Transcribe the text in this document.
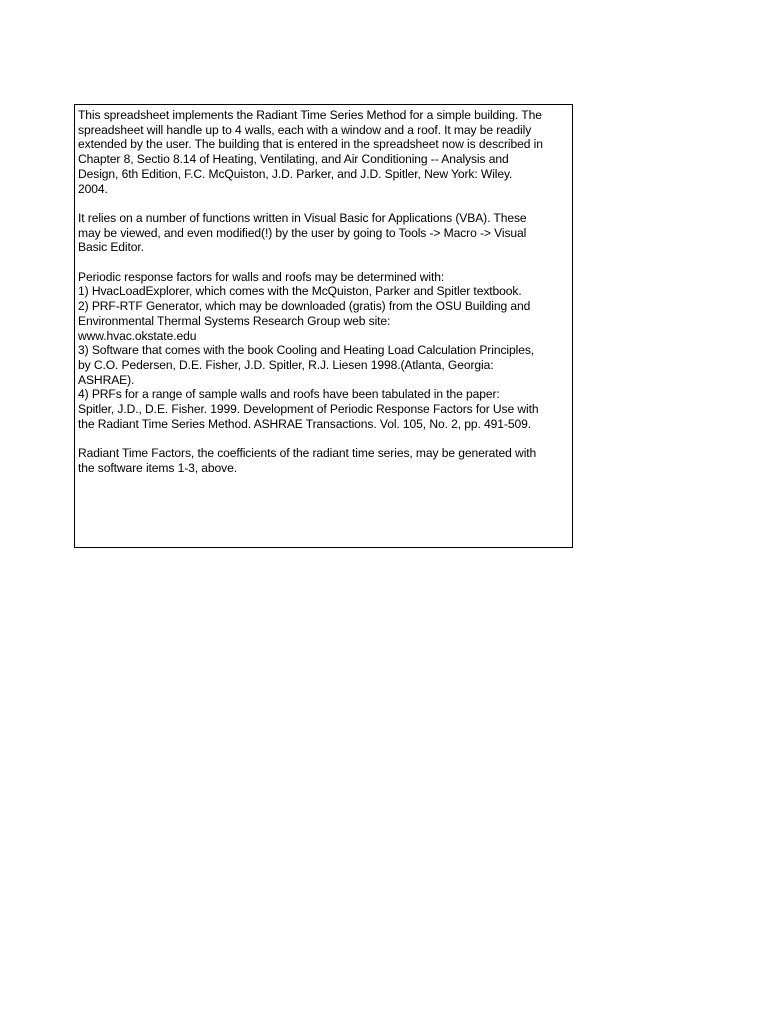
This spreadsheet implements the Radiant Time Series Method for a simple building. The
spreadsheet will handle up to 4 walls, each with a window and a roof. It may be readily
extended by the user. The building that is entered in the spreadsheet now is described in
Chapter 8, Sectio 8.14 of Heating, Ventilating, and Air Conditioning -- Analysis and
Design, 6th Edition, F.C. McQuiston, J.D. Parker, and J.D. Spitler, New York: Wiley.
2004.

It relies on a number of functions written in Visual Basic for Applications (VBA). These
may be viewed, and even modified(!) by the user by going to Tools -> Macro -> Visual
Basic Editor.

Periodic response factors for walls and roofs may be determined with:
1) HvacLoadExplorer, which comes with the McQuiston, Parker and Spitler textbook.
2) PRF-RTF Generator, which may be downloaded (gratis) from the OSU Building and
Environmental Thermal Systems Research Group web site:
www.hvac.okstate.edu
3) Software that comes with the book Cooling and Heating Load Calculation Principles,
by C.O. Pedersen, D.E. Fisher, J.D. Spitler, R.J. Liesen 1998.(Atlanta, Georgia:
ASHRAE).
4) PRFs for a range of sample walls and roofs have been tabulated in the paper:
Spitler, J.D., D.E. Fisher. 1999. Development of Periodic Response Factors for Use with
the Radiant Time Series Method. ASHRAE Transactions. Vol. 105, No. 2, pp. 491-509.

Radiant Time Factors, the coefficients of the radiant time series, may be generated with
the software items 1-3, above.
